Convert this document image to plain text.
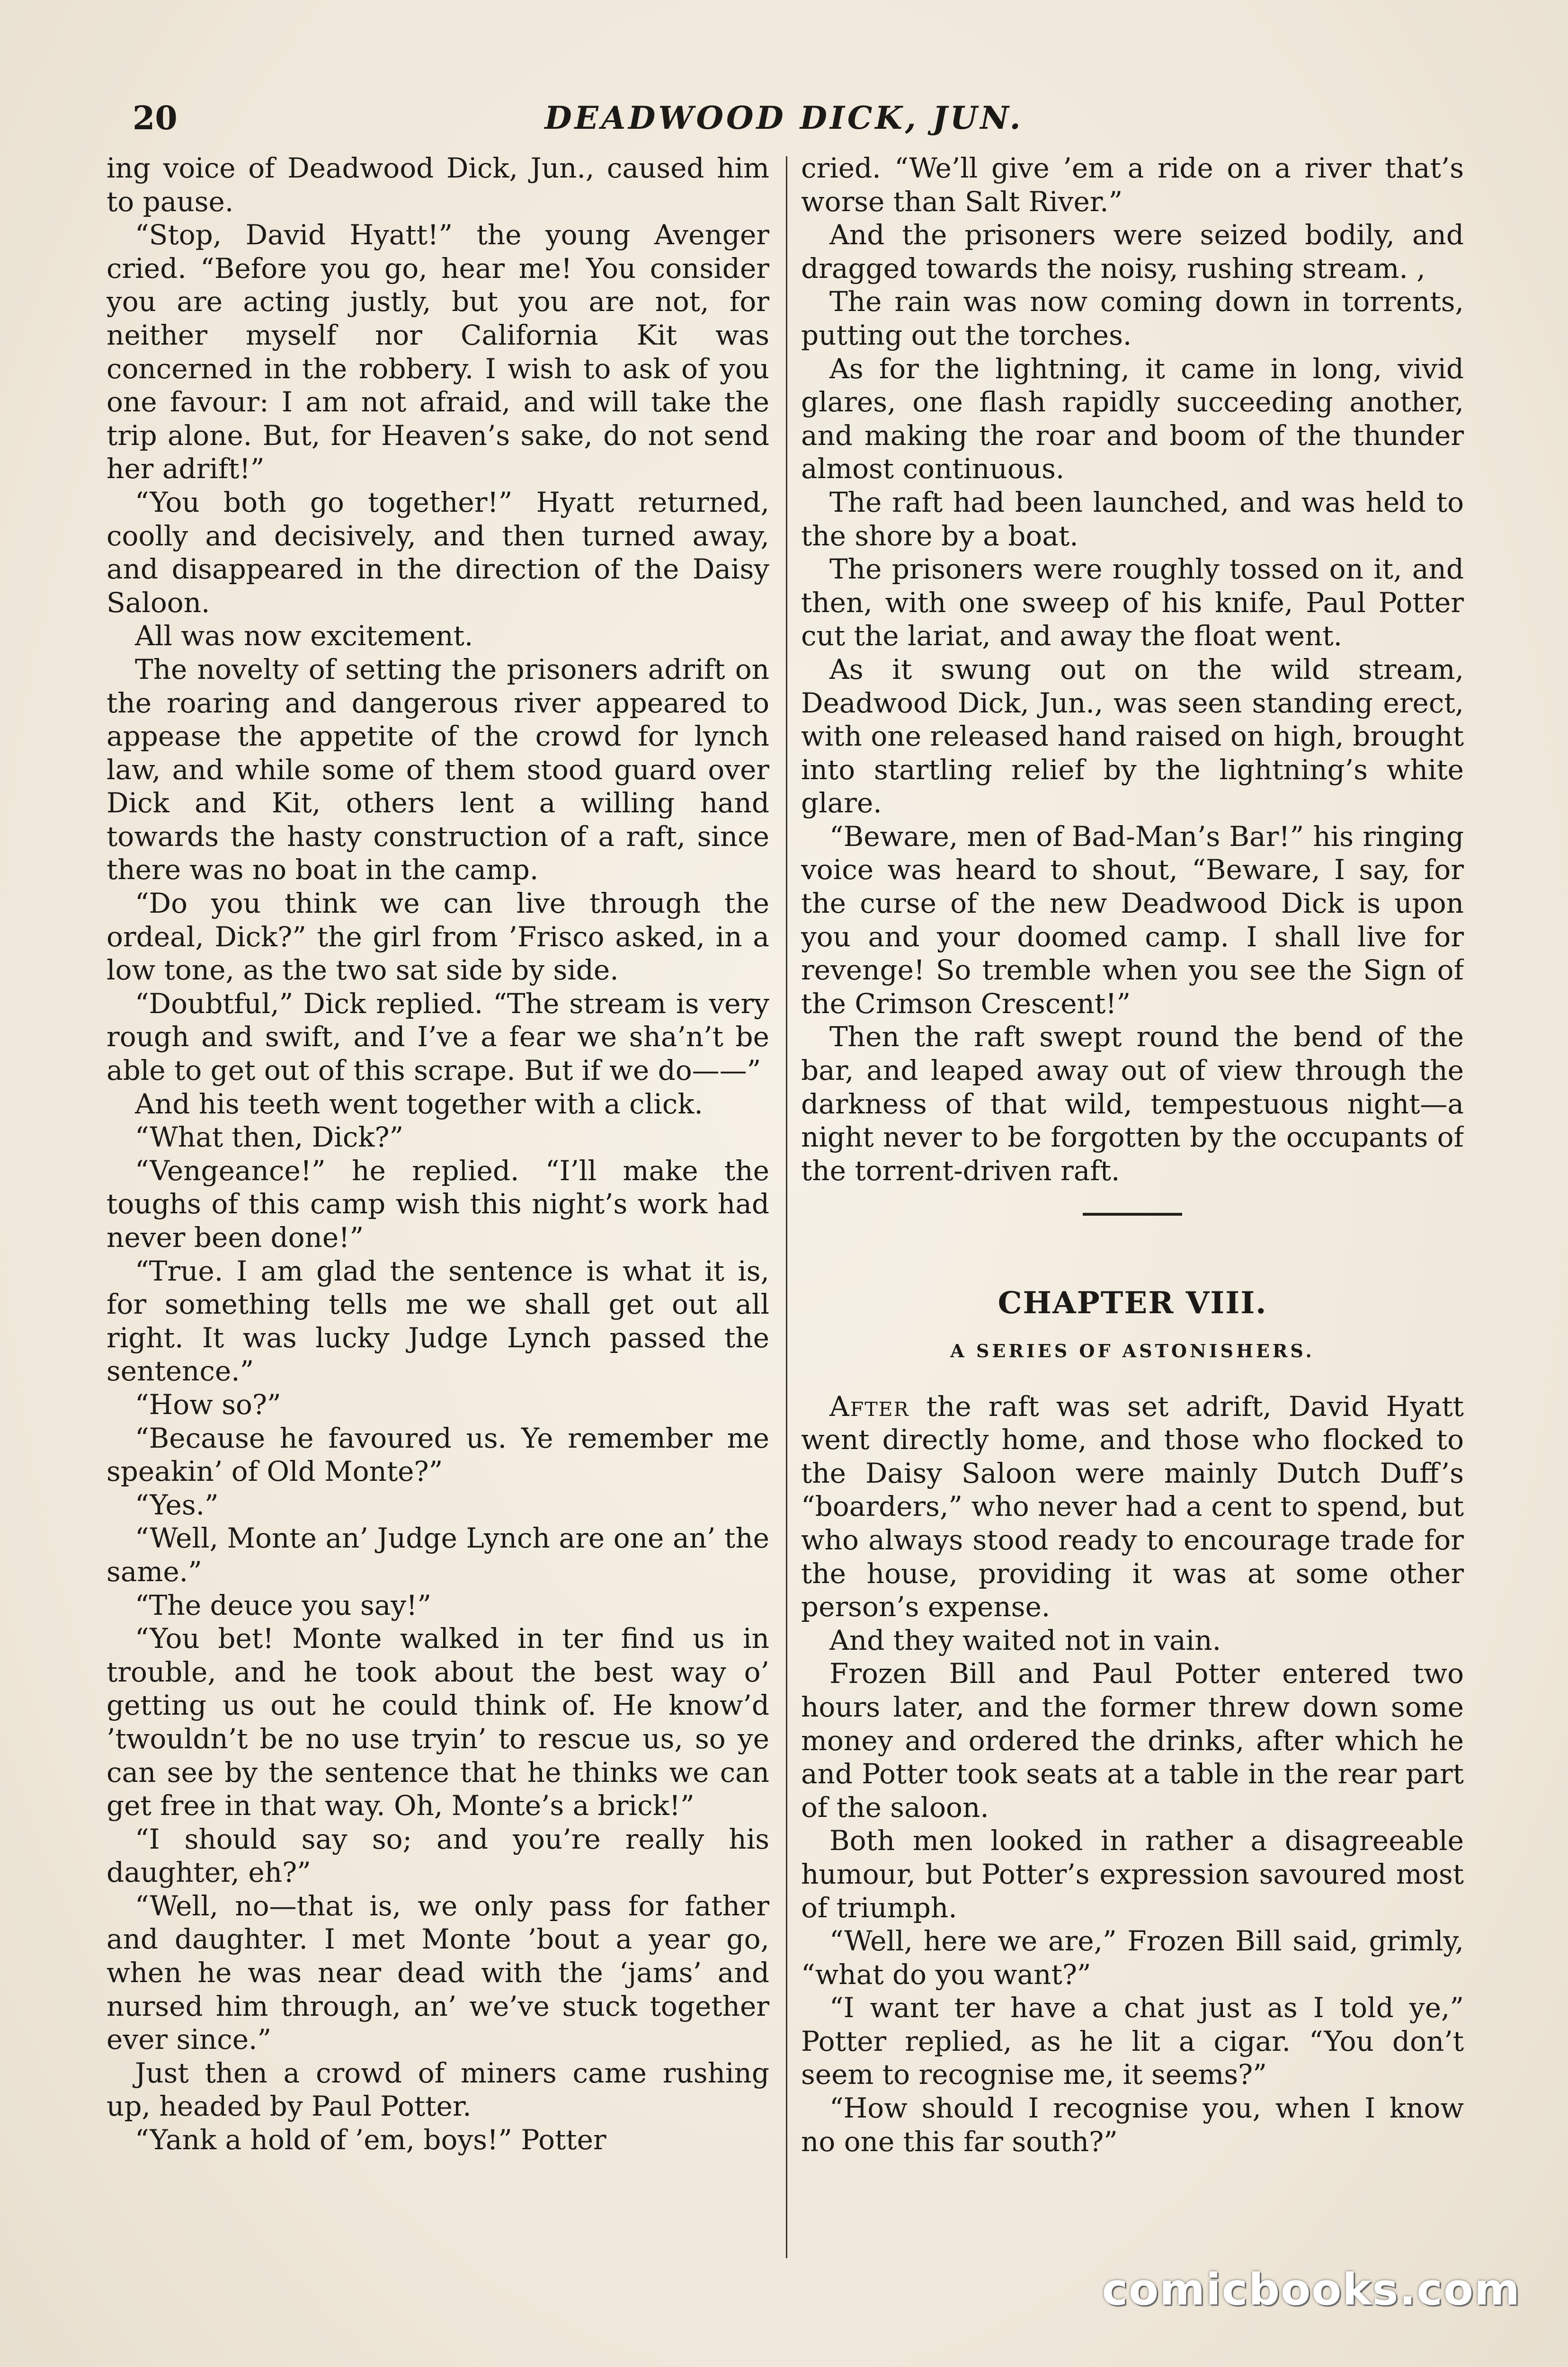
20	DEADWOOD DICK, JUN.

ing voice of Deadwood Dick, Jun., caused him to pause.

“Stop, David Hyatt!” the young Avenger cried. “Before you go, hear me! You consider you are acting justly, but you are not, for neither myself nor California Kit was concerned in the robbery. I wish to ask of you one favour: I am not afraid, and will take the trip alone. But, for Heaven’s sake, do not send her adrift!”

“You both go together!” Hyatt returned, coolly and decisively, and then turned away, and disappeared in the direction of the Daisy Saloon.

All was now excitement.

The novelty of setting the prisoners adrift on the roaring and dangerous river appeared to appease the appetite of the crowd for lynch law, and while some of them stood guard over Dick and Kit, others lent a willing hand towards the hasty construction of a raft, since there was no boat in the camp.

“Do you think we can live through the ordeal, Dick?” the girl from ’Frisco asked, in a low tone, as the two sat side by side.

“Doubtful,” Dick replied. “The stream is very rough and swift, and I’ve a fear we sha’n’t be able to get out of this scrape. But if we do——”

And his teeth went together with a click.

“What then, Dick?”

“Vengeance!” he replied. “I’ll make the toughs of this camp wish this night’s work had never been done!”

“True. I am glad the sentence is what it is, for something tells me we shall get out all right. It was lucky Judge Lynch passed the sentence.”

“How so?”

“Because he favoured us. Ye remember me speakin’ of Old Monte?”

“Yes.”

“Well, Monte an’ Judge Lynch are one an’ the same.”

“The deuce you say!”

“You bet! Monte walked in ter find us in trouble, and he took about the best way o’ getting us out he could think of. He know’d ’twouldn’t be no use tryin’ to rescue us, so ye can see by the sentence that he thinks we can get free in that way. Oh, Monte’s a brick!”

“I should say so; and you’re really his daughter, eh?”

“Well, no—that is, we only pass for father and daughter. I met Monte ’bout a year go, when he was near dead with the ‘jams’ and nursed him through, an’ we’ve stuck together ever since.”

Just then a crowd of miners came rushing up, headed by Paul Potter.

“Yank a hold of ’em, boys!” Potter

cried. “We’ll give ’em a ride on a river that’s worse than Salt River.”

And the prisoners were seized bodily, and dragged towards the noisy, rushing stream. ,

The rain was now coming down in torrents, putting out the torches.

As for the lightning, it came in long, vivid glares, one flash rapidly succeeding another, and making the roar and boom of the thunder almost continuous.

The raft had been launched, and was held to the shore by a boat.

The prisoners were roughly tossed on it, and then, with one sweep of his knife, Paul Potter cut the lariat, and away the float went.

As it swung out on the wild stream, Deadwood Dick, Jun., was seen standing erect, with one released hand raised on high, brought into startling relief by the lightning’s white glare.

“Beware, men of Bad-Man’s Bar!” his ringing voice was heard to shout, “Beware, I say, for the curse of the new Deadwood Dick is upon you and your doomed camp. I shall live for revenge! So tremble when you see the Sign of the Crimson Crescent!”

Then the raft swept round the bend of the bar, and leaped away out of view through the darkness of that wild, tempestuous night—a night never to be forgotten by the occupants of the torrent-driven raft.

CHAPTER VIII.
A SERIES OF ASTONISHERS.

After the raft was set adrift, David Hyatt went directly home, and those who flocked to the Daisy Saloon were mainly Dutch Duff’s “boarders,” who never had a cent to spend, but who always stood ready to encourage trade for the house, providing it was at some other person’s expense.

And they waited not in vain.

Frozen Bill and Paul Potter entered two hours later, and the former threw down some money and ordered the drinks, after which he and Potter took seats at a table in the rear part of the saloon.

Both men looked in rather a disagreeable humour, but Potter’s expression savoured most of triumph.

“Well, here we are,” Frozen Bill said, grimly, “what do you want?”

“I want ter have a chat just as I told ye,” Potter replied, as he lit a cigar. “You don’t seem to recognise me, it seems?”

“How should I recognise you, when I know no one this far south?”

comicbooks.com
